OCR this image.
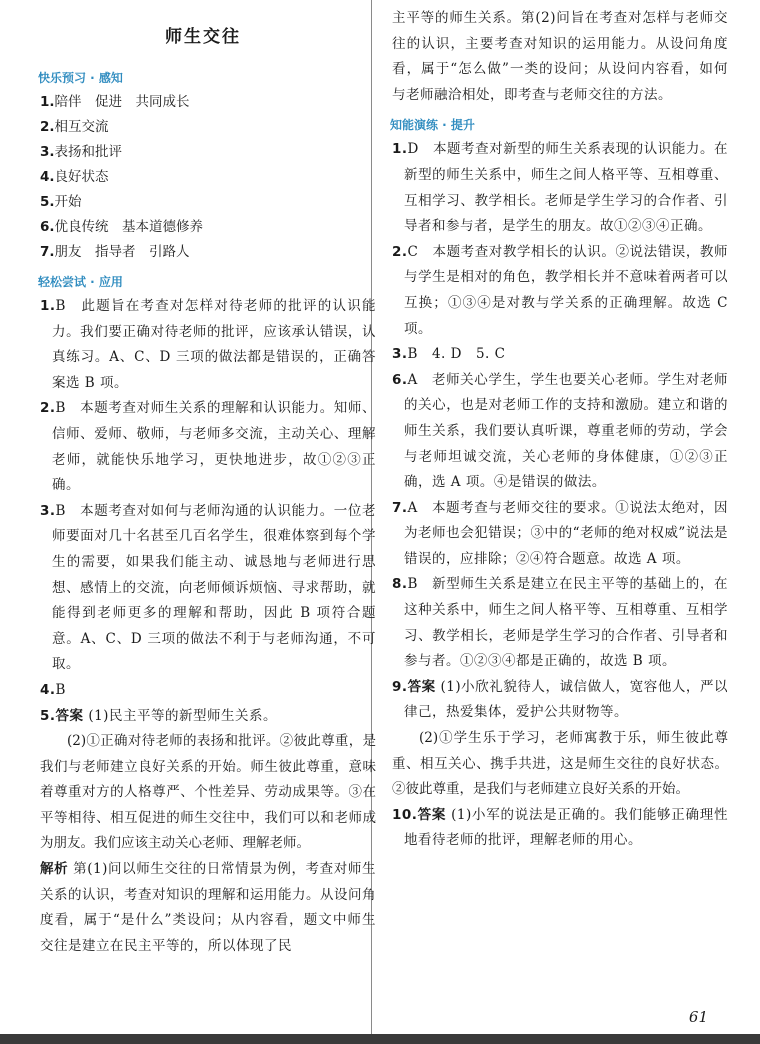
师生交往
快乐预习 · 感知
1.陪伴　促进　共同成长
2.相互交流
3.表扬和批评
4.良好状态
5.开始
6.优良传统　基本道德修养
7.朋友　指导者　引路人
轻松尝试 · 应用
1.B　此题旨在考查对怎样对待老师的批评的认识能力。我们要正确对待老师的批评，应该承认错误，认真练习。A、C、D 三项的做法都是错误的，正确答案选 B 项。
2.B　本题考查对师生关系的理解和认识能力。知师、信师、爱师、敬师，与老师多交流，主动关心、理解老师，就能快乐地学习，更快地进步，故①②③正确。
3.B　本题考查对如何与老师沟通的认识能力。一位老师要面对几十名甚至几百名学生，很难体察到每个学生的需要，如果我们能主动、诚恳地与老师进行思想、感情上的交流，向老师倾诉烦恼、寻求帮助，就能得到老师更多的理解和帮助，因此 B 项符合题意。A、C、D 三项的做法不利于与老师沟通，不可取。
4.B
5.答案 (1)民主平等的新型师生关系。
(2)①正确对待老师的表扬和批评。②彼此尊重，是我们与老师建立良好关系的开始。师生彼此尊重，意味着尊重对方的人格尊严、个性差异、劳动成果等。③在平等相待、相互促进的师生交往中，我们可以和老师成为朋友。我们应该主动关心老师、理解老师。
解析 第(1)问以师生交往的日常情景为例，考查对师生关系的认识，考查对知识的理解和运用能力。从设问角度看，属于“是什么”类设问；从内容看，题文中师生交往是建立在民主平等的，所以体现了民
主平等的师生关系。第(2)问旨在考查对怎样与老师交往的认识，主要考查对知识的运用能力。从设问角度看，属于“怎么做”一类的设问；从设问内容看，如何与老师融洽相处，即考查与老师交往的方法。
知能演练 · 提升
1.D　本题考查对新型的师生关系表现的认识能力。在新型的师生关系中，师生之间人格平等、互相尊重、互相学习、教学相长。老师是学生学习的合作者、引导者和参与者，是学生的朋友。故①②③④正确。
2.C　本题考查对教学相长的认识。②说法错误，教师与学生是相对的角色，教学相长并不意味着两者可以互换；①③④是对教与学关系的正确理解。故选 C 项。
3.B　4. D　5. C
6.A　老师关心学生，学生也要关心老师。学生对老师的关心，也是对老师工作的支持和激励。建立和谐的师生关系，我们要认真听课，尊重老师的劳动，学会与老师坦诚交流，关心老师的身体健康，①②③正确，选 A 项。④是错误的做法。
7.A　本题考查与老师交往的要求。①说法太绝对，因为老师也会犯错误；③中的“老师的绝对权威”说法是错误的，应排除；②④符合题意。故选 A 项。
8.B　新型师生关系是建立在民主平等的基础上的，在这种关系中，师生之间人格平等、互相尊重、互相学习、教学相长，老师是学生学习的合作者、引导者和参与者。①②③④都是正确的，故选 B 项。
9.答案 (1)小欣礼貌待人，诚信做人，宽容他人，严以律己，热爱集体，爱护公共财物等。
(2)①学生乐于学习，老师寓教于乐，师生彼此尊重、相互关心、携手共进，这是师生交往的良好状态。②彼此尊重，是我们与老师建立良好关系的开始。
10.答案 (1)小军的说法是正确的。我们能够正确理性地看待老师的批评，理解老师的用心。
61
